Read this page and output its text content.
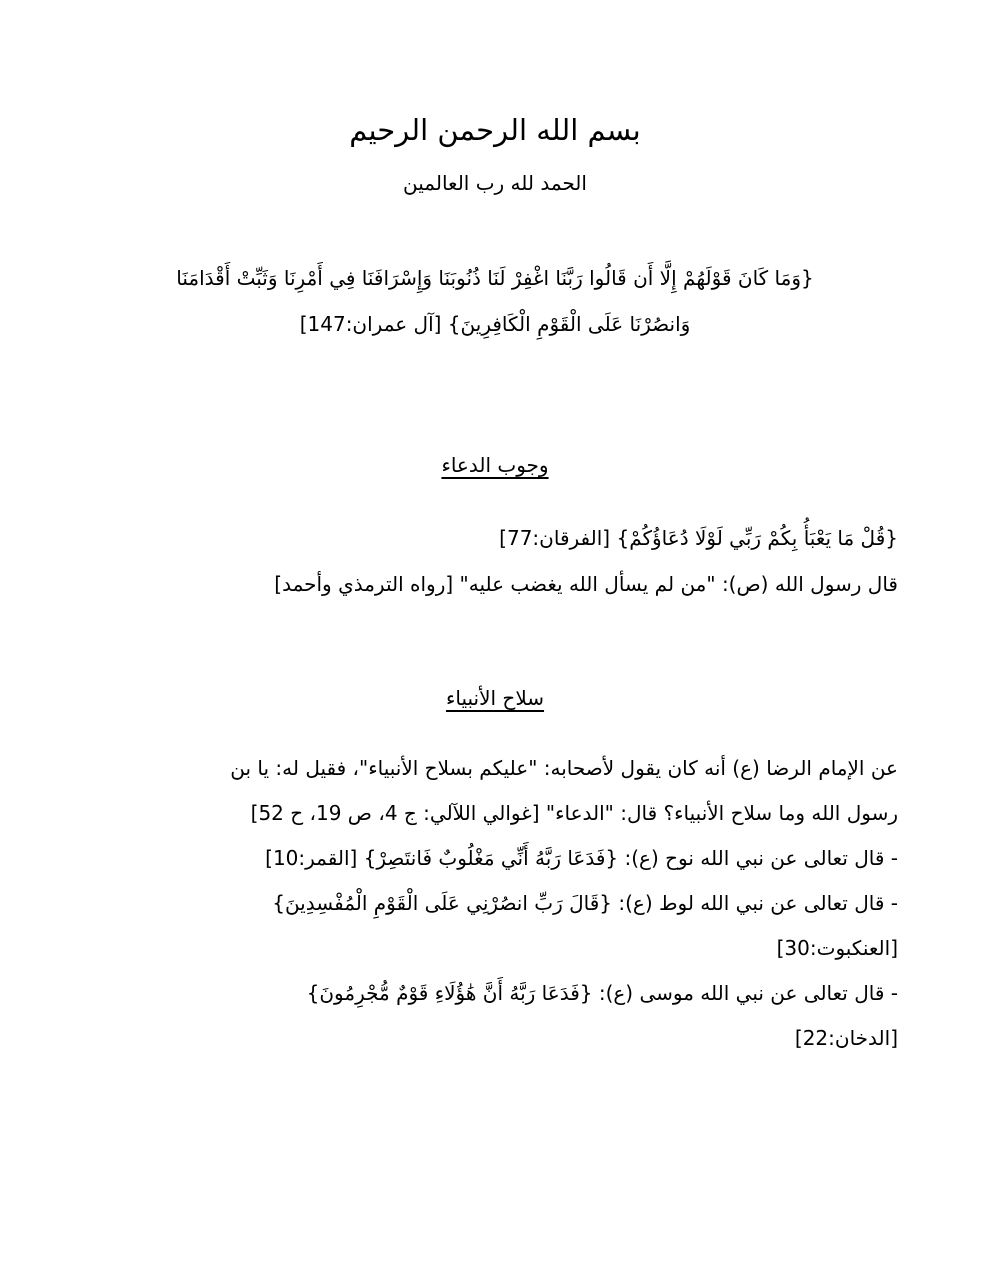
بسم الله الرحمن الرحيم
الحمد لله رب العالمين

{وَمَا كَانَ قَوْلَهُمْ إِلَّا أَن قَالُوا رَبَّنَا اغْفِرْ لَنَا ذُنُوبَنَا وَإِسْرَافَنَا فِي أَمْرِنَا وَثَبِّتْ أَقْدَامَنَا

وَانصُرْنَا عَلَى الْقَوْمِ الْكَافِرِينَ} [آل عمران:147]

وجوب الدعاء

{قُلْ مَا يَعْبَأُ بِكُمْ رَبِّي لَوْلَا دُعَاؤُكُمْ} [الفرقان:77]

قال رسول الله (ص): "من لم يسأل الله يغضب عليه" [رواه الترمذي وأحمد]

سلاح الأنبياء

عن الإمام الرضا (ع) أنه كان يقول لأصحابه: "عليكم بسلاح الأنبياء"، فقيل له: يا بن

رسول الله وما سلاح الأنبياء؟ قال: "الدعاء" [غوالي اللآلي: ج 4، ص 19، ح 52]

- قال تعالى عن نبي الله نوح (ع): {فَدَعَا رَبَّهُ أَنِّي مَغْلُوبٌ فَانتَصِرْ} [القمر:10]

- قال تعالى عن نبي الله لوط (ع): {قَالَ رَبِّ انصُرْنِي عَلَى الْقَوْمِ الْمُفْسِدِينَ}

[العنكبوت:30]

- قال تعالى عن نبي الله موسى (ع): {فَدَعَا رَبَّهُ أَنَّ هَٰؤُلَاءِ قَوْمٌ مُّجْرِمُونَ}

[الدخان:22]
